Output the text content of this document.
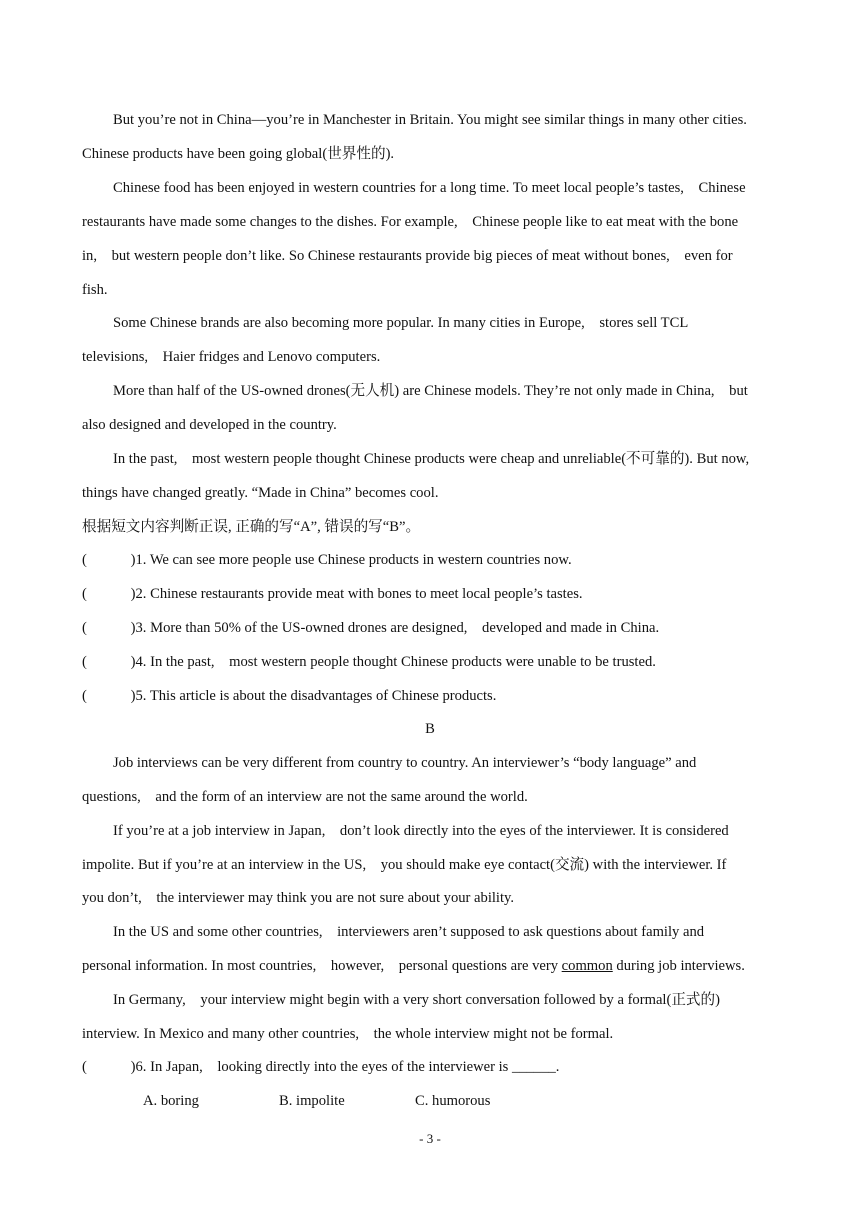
But you’re not in China—you’re in Manchester in Britain. You might see similar things in many other cities.
Chinese products have been going global(世界性的).
Chinese food has been enjoyed in western countries for a long time. To meet local people’s tastes,    Chinese
restaurants have made some changes to the dishes. For example,    Chinese people like to eat meat with the bone
in,    but western people don’t like. So Chinese restaurants provide big pieces of meat without bones,    even for
fish.
Some Chinese brands are also becoming more popular. In many cities in Europe,    stores sell TCL
televisions,    Haier fridges and Lenovo computers.
More than half of the US-owned drones(无人机) are Chinese models. They’re not only made in China,    but
also designed and developed in the country.
In the past,    most western people thought Chinese products were cheap and unreliable(不可靠的). But now,
things have changed greatly. “Made in China” becomes cool.
根据短文内容判断正误, 正确的写“A”, 错误的写“B”。
(            )1. We can see more people use Chinese products in western countries now.
(            )2. Chinese restaurants provide meat with bones to meet local people’s tastes.
(            )3. More than 50% of the US-owned drones are designed,    developed and made in China.
(            )4. In the past,    most western people thought Chinese products were unable to be trusted.
(            )5. This article is about the disadvantages of Chinese products.
B
Job interviews can be very different from country to country. An interviewer’s “body language” and
questions,    and the form of an interview are not the same around the world.
If you’re at a job interview in Japan,    don’t look directly into the eyes of the interviewer. It is considered
impolite. But if you’re at an interview in the US,    you should make eye contact(交流) with the interviewer. If
you don’t,    the interviewer may think you are not sure about your ability.
In the US and some other countries,    interviewers aren’t supposed to ask questions about family and
personal information. In most countries,    however,    personal questions are very common during job interviews.
In Germany,    your interview might begin with a very short conversation followed by a formal(正式的)
interview. In Mexico and many other countries,    the whole interview might not be formal.
(            )6. In Japan,    looking directly into the eyes of the interviewer is ______.
A. boring	B. impolite	C. humorous
- 3 -
